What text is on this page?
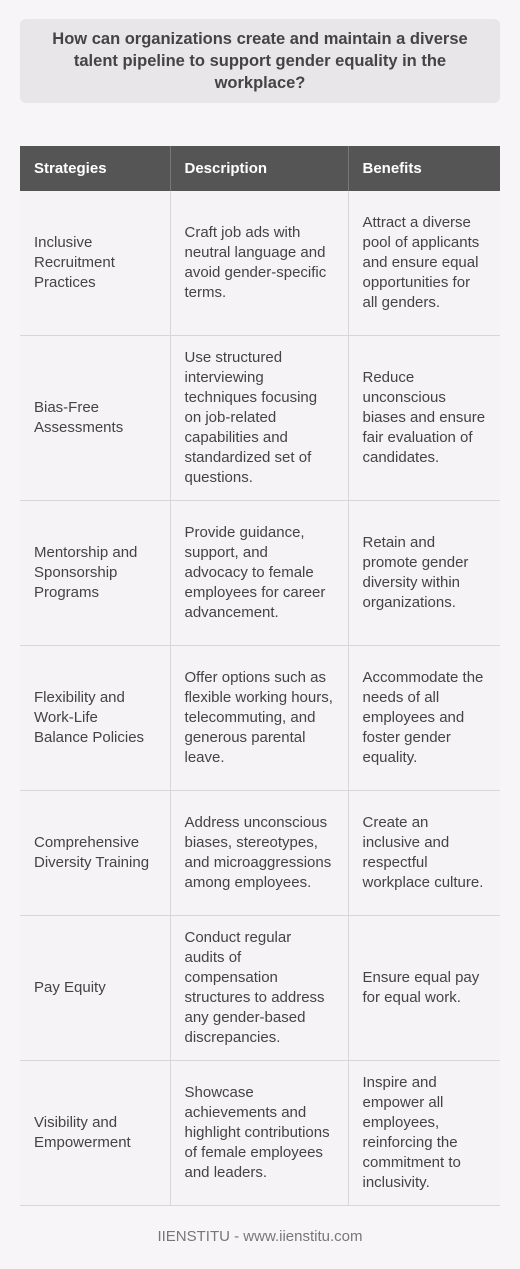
How can organizations create and maintain a diverse talent pipeline to support gender equality in the workplace?
Strategies	Description	Benefits
Inclusive Recruitment Practices	Craft job ads with neutral language and avoid gender-specific terms.	Attract a diverse pool of applicants and ensure equal opportunities for all genders.
Bias-Free Assessments	Use structured interviewing techniques focusing on job-related capabilities and standardized set of questions.	Reduce unconscious biases and ensure fair evaluation of candidates.
Mentorship and Sponsorship Programs	Provide guidance, support, and advocacy to female employees for career advancement.	Retain and promote gender diversity within organizations.
Flexibility and Work-Life Balance Policies	Offer options such as flexible working hours, telecommuting, and generous parental leave.	Accommodate the needs of all employees and foster gender equality.
Comprehensive Diversity Training	Address unconscious biases, stereotypes, and microaggressions among employees.	Create an inclusive and respectful workplace culture.
Pay Equity	Conduct regular audits of compensation structures to address any gender-based discrepancies.	Ensure equal pay for equal work.
Visibility and Empowerment	Showcase achievements and highlight contributions of female employees and leaders.	Inspire and empower all employees, reinforcing the commitment to inclusivity.
IIENSTITU - www.iienstitu.com
